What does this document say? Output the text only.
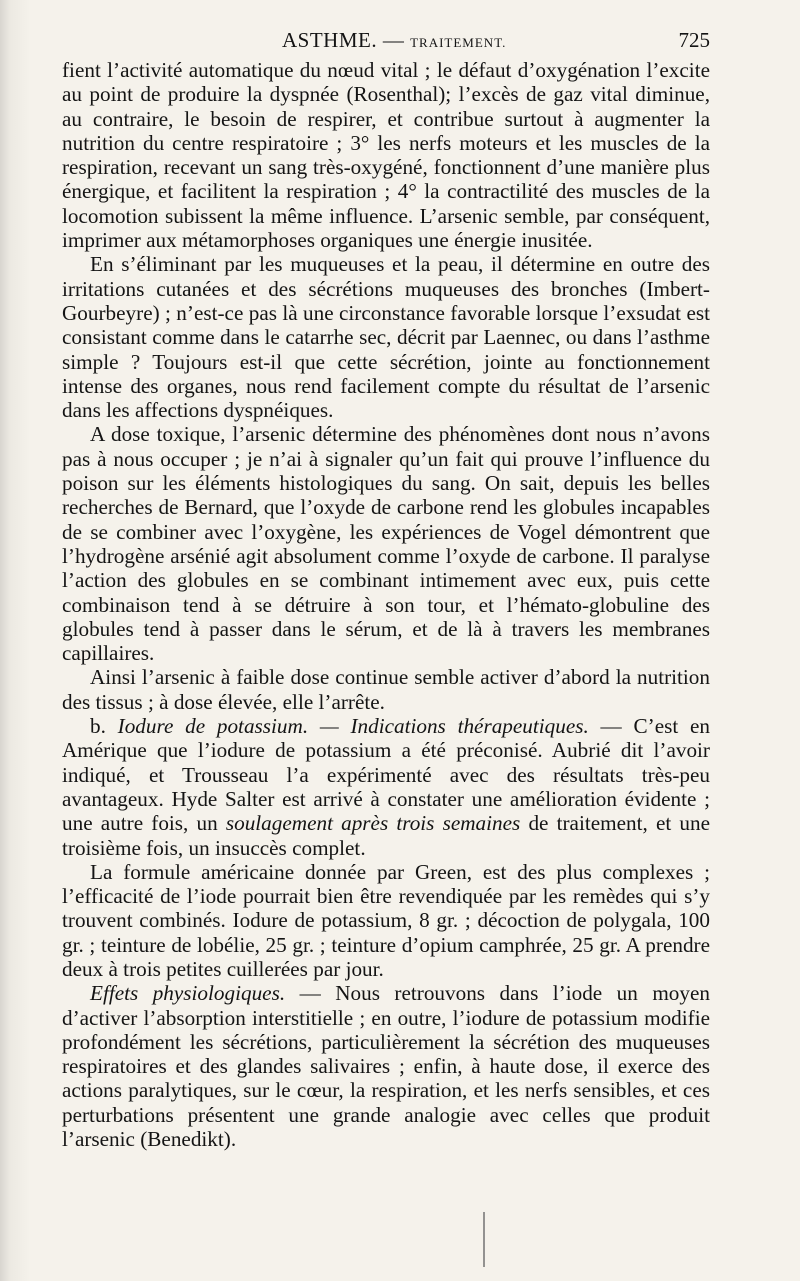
ASTHME. — TRAITEMENT.	725

fient l’activité automatique du nœud vital ; le défaut d’oxygénation l’excite au point de produire la dyspnée (Rosenthal); l’excès de gaz vital diminue, au contraire, le besoin de respirer, et contribue surtout à augmenter la nutrition du centre respiratoire ; 3° les nerfs moteurs et les muscles de la respiration, recevant un sang très-oxygéné, fonctionnent d’une manière plus énergique, et facilitent la respiration ; 4° la contractilité des muscles de la locomotion subissent la même influence. L’arsenic semble, par conséquent, imprimer aux métamorphoses organiques une énergie inusitée.

En s’éliminant par les muqueuses et la peau, il détermine en outre des irritations cutanées et des sécrétions muqueuses des bronches (Imbert-Gourbeyre) ; n’est-ce pas là une circonstance favorable lorsque l’exsudat est consistant comme dans le catarrhe sec, décrit par Laennec, ou dans l’asthme simple ? Toujours est-il que cette sécrétion, jointe au fonctionnement intense des organes, nous rend facilement compte du résultat de l’arsenic dans les affections dyspnéiques.

A dose toxique, l’arsenic détermine des phénomènes dont nous n’avons pas à nous occuper ; je n’ai à signaler qu’un fait qui prouve l’influence du poison sur les éléments histologiques du sang. On sait, depuis les belles recherches de Bernard, que l’oxyde de carbone rend les globules incapables de se combiner avec l’oxygène, les expériences de Vogel démontrent que l’hydrogène arsénié agit absolument comme l’oxyde de carbone. Il paralyse l’action des globules en se combinant intimement avec eux, puis cette combinaison tend à se détruire à son tour, et l’hémato-globuline des globules tend à passer dans le sérum, et de là à travers les membranes capillaires.

Ainsi l’arsenic à faible dose continue semble activer d’abord la nutrition des tissus ; à dose élevée, elle l’arrête.

b. Iodure de potassium. — Indications thérapeutiques. — C’est en Amérique que l’iodure de potassium a été préconisé. Aubrié dit l’avoir indiqué, et Trousseau l’a expérimenté avec des résultats très-peu avantageux. Hyde Salter est arrivé à constater une amélioration évidente ; une autre fois, un soulagement après trois semaines de traitement, et une troisième fois, un insuccès complet.

La formule américaine donnée par Green, est des plus complexes ; l’efficacité de l’iode pourrait bien être revendiquée par les remèdes qui s’y trouvent combinés. Iodure de potassium, 8 gr. ; décoction de polygala, 100 gr. ; teinture de lobélie, 25 gr. ; teinture d’opium camphrée, 25 gr. A prendre deux à trois petites cuillerées par jour.

Effets physiologiques. — Nous retrouvons dans l’iode un moyen d’activer l’absorption interstitielle ; en outre, l’iodure de potassium modifie profondément les sécrétions, particulièrement la sécrétion des muqueuses respiratoires et des glandes salivaires ; enfin, à haute dose, il exerce des actions paralytiques, sur le cœur, la respiration, et les nerfs sensibles, et ces perturbations présentent une grande analogie avec celles que produit l’arsenic (Benedikt).
